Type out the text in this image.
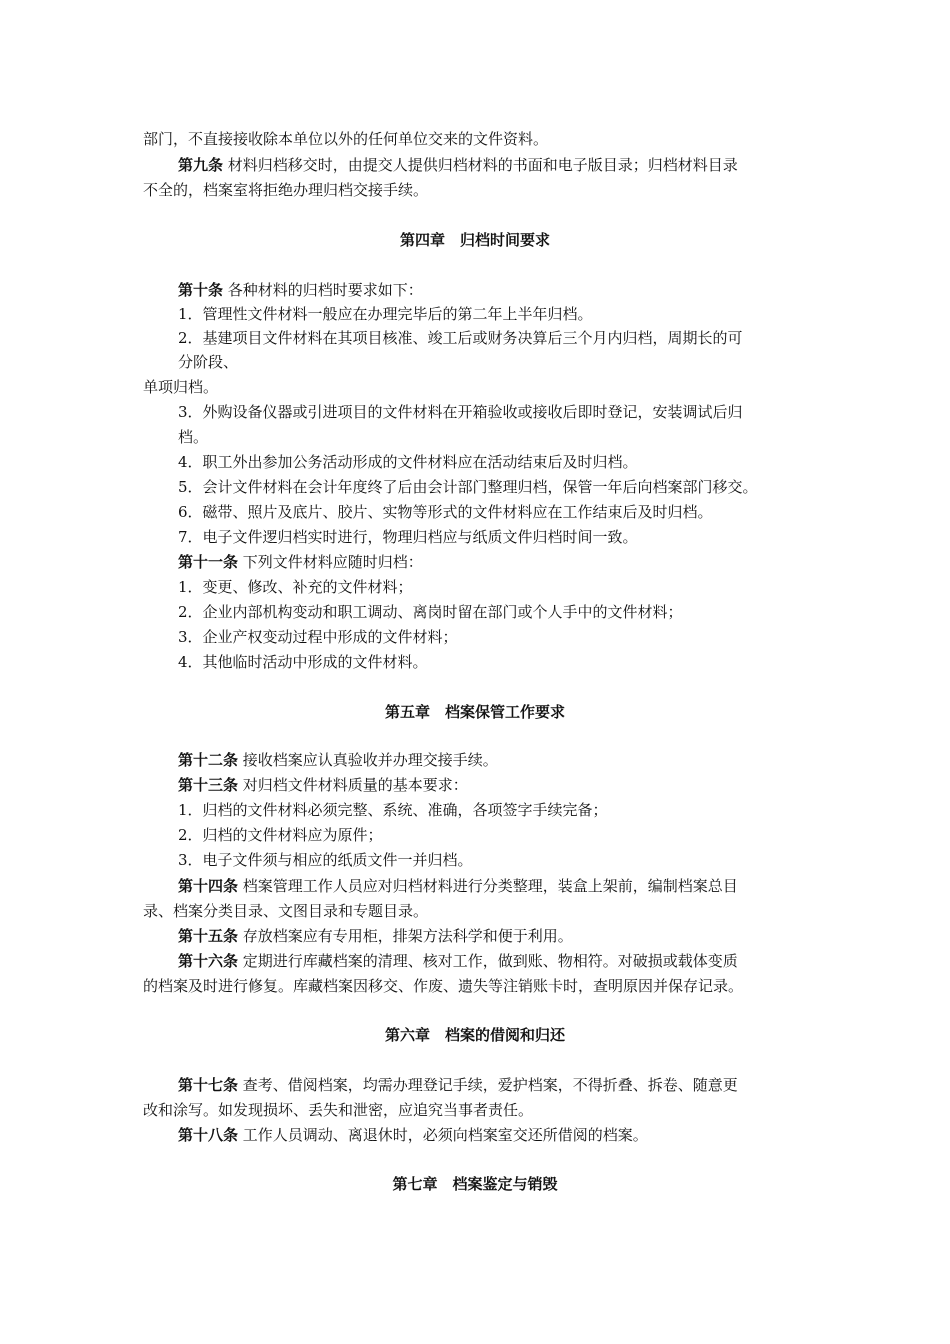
部门，不直接接收除本单位以外的任何单位交来的文件资料。
第九条 材料归档移交时，由提交人提供归档材料的书面和电子版目录；归档材料目录
不全的，档案室将拒绝办理归档交接手续。
第四章　归档时间要求
第十条 各种材料的归档时要求如下：
1．管理性文件材料一般应在办理完毕后的第二年上半年归档。
2．基建项目文件材料在其项目核准、竣工后或财务决算后三个月内归档，周期长的可
分阶段、
单项归档。
3．外购设备仪器或引进项目的文件材料在开箱验收或接收后即时登记，安装调试后归
档。
4．职工外出参加公务活动形成的文件材料应在活动结束后及时归档。
5．会计文件材料在会计年度终了后由会计部门整理归档，保管一年后向档案部门移交。
6．磁带、照片及底片、胶片、实物等形式的文件材料应在工作结束后及时归档。
7．电子文件逻归档实时进行，物理归档应与纸质文件归档时间一致。
第十一条 下列文件材料应随时归档：
1．变更、修改、补充的文件材料；
2．企业内部机构变动和职工调动、离岗时留在部门或个人手中的文件材料；
3．企业产权变动过程中形成的文件材料；
4．其他临时活动中形成的文件材料。
第五章　档案保管工作要求
第十二条 接收档案应认真验收并办理交接手续。
第十三条 对归档文件材料质量的基本要求：
1．归档的文件材料必须完整、系统、准确，各项签字手续完备；
2．归档的文件材料应为原件；
3．电子文件须与相应的纸质文件一并归档。
第十四条 档案管理工作人员应对归档材料进行分类整理，装盒上架前，编制档案总目
录、档案分类目录、文图目录和专题目录。
第十五条 存放档案应有专用柜，排架方法科学和便于利用。
第十六条 定期进行库藏档案的清理、核对工作，做到账、物相符。对破损或载体变质
的档案及时进行修复。库藏档案因移交、作废、遗失等注销账卡时，查明原因并保存记录。
第六章　档案的借阅和归还
第十七条 查考、借阅档案，均需办理登记手续，爱护档案，不得折叠、拆卷、随意更
改和涂写。如发现损坏、丢失和泄密，应追究当事者责任。
第十八条 工作人员调动、离退休时，必须向档案室交还所借阅的档案。
第七章　档案鉴定与销毁
